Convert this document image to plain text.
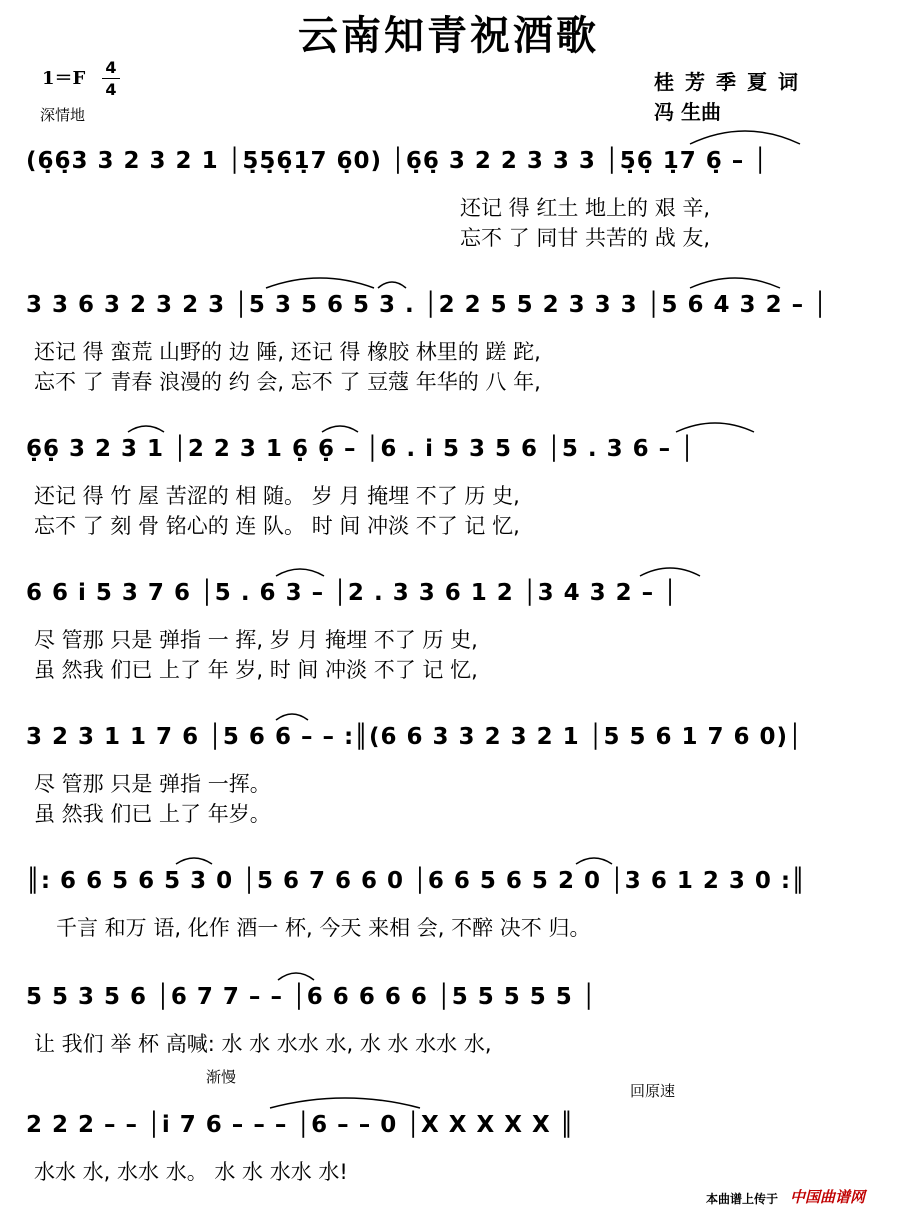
云南知青祝酒歌
1＝F
4
4
深情地
桂芳季夏词
冯 生曲
(6̣6̣3 3 2 3 2 1 │5̣5̣6̣1̣7 6̣0) │6̣6̣ 3 2 2 3 3 3 │5̣6̣ 1̣7 6̣ – │
还记 得 红土 地上的 艰 辛,
忘不 了 同甘 共苦的 战 友,
3 3 6 3 2 3 2 3 │5 3 5 6 5 3 . │2 2 5 5 2 3 3 3 │5 6 4 3 2 – │
还记 得 蛮荒 山野的 边 陲, 还记 得 橡胶 林里的 蹉 跎,
忘不 了 青春 浪漫的 约 会, 忘不 了 豆蔻 年华的 八 年,
6̣6̣ 3 2 3 1 │2 2 3 1 6̣ 6̣ – │6 . i 5 3 5 6 │5 . 3 6 – │
还记 得 竹 屋 苦涩的 相 随。 岁 月 掩埋 不了 历 史,
忘不 了 刻 骨 铭心的 连 队。 时 间 冲淡 不了 记 忆,
6 6 i 5 3 7 6 │5 . 6 3 – │2 . 3 3 6 1 2 │3 4 3 2 – │
尽 管那 只是 弹指 一 挥, 岁 月 掩埋 不了 历 史,
虽 然我 们已 上了 年 岁, 时 间 冲淡 不了 记 忆,
3 2 3 1 1 7 6 │5 6 6 – – :║(6 6 3 3 2 3 2 1 │5 5 6 1 7 6 0)│
尽 管那 只是 弹指 一挥。
虽 然我 们已 上了 年岁。
║: 6 6 5 6 5 3 0 │5 6 7 6 6 0 │6 6 5 6 5 2 0 │3 6 1 2 3 0 :║
千言 和万 语, 化作 酒一 杯, 今天 来相 会, 不醉 决不 归。
5 5 3 5 6 │6 7 7 – – │6 6 6 6 6 │5 5 5 5 5 │
让 我们 举 杯 高喊: 水 水 水水 水, 水 水 水水 水,
渐慢
回原速
2 2 2 – – │i 7 6 – – – │6 – – 0 │X X X X X ║
水水 水, 水水 水。 水 水 水水 水!
本曲谱上传于 中国曲谱网
